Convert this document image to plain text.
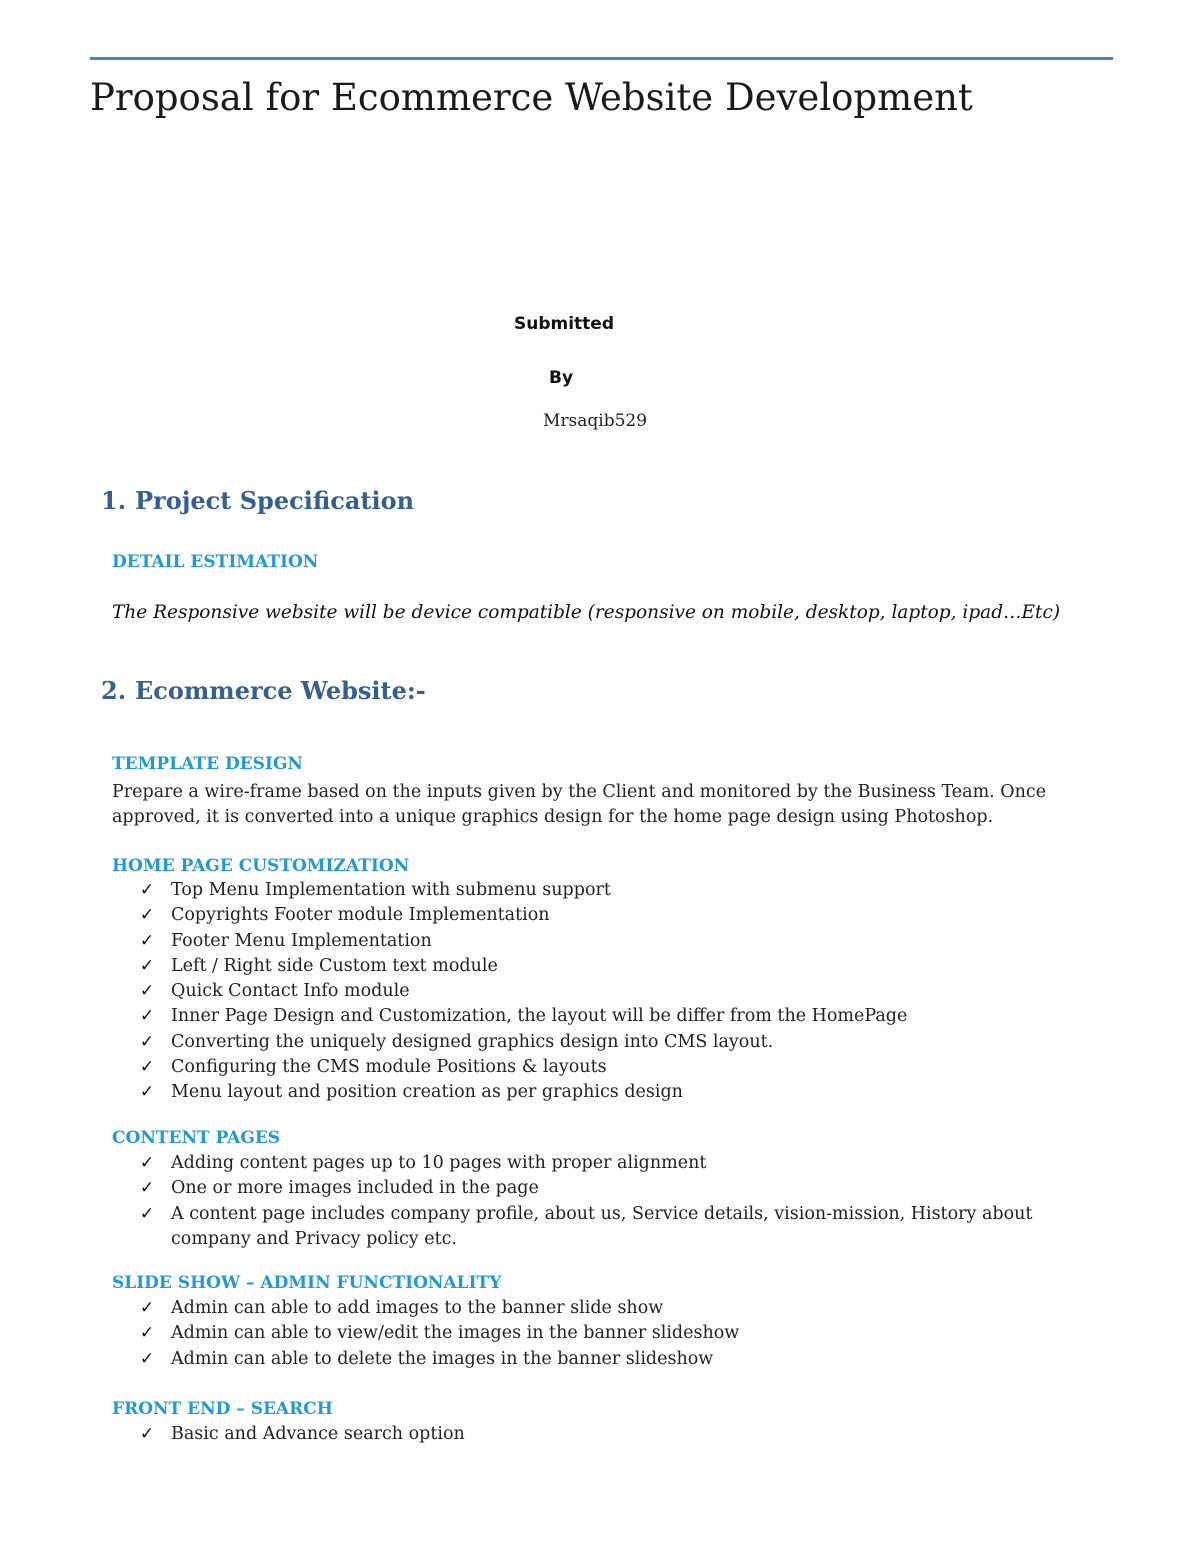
Proposal for Ecommerce Website Development
Submitted
By
Mrsaqib529
1. Project Specification
DETAIL ESTIMATION
The Responsive website will be device compatible (responsive on mobile, desktop, laptop, ipad…Etc)
2. Ecommerce Website:-
TEMPLATE DESIGN
Prepare a wire-frame based on the inputs given by the Client and monitored by the Business Team. Once
approved, it is converted into a unique graphics design for the home page design using Photoshop.
HOME PAGE CUSTOMIZATION
✓ Top Menu Implementation with submenu support
✓ Copyrights Footer module Implementation
✓ Footer Menu Implementation
✓ Left / Right side Custom text module
✓ Quick Contact Info module
✓ Inner Page Design and Customization, the layout will be differ from the HomePage
✓ Converting the uniquely designed graphics design into CMS layout.
✓ Configuring the CMS module Positions & layouts
✓ Menu layout and position creation as per graphics design
CONTENT PAGES
✓ Adding content pages up to 10 pages with proper alignment
✓ One or more images included in the page
✓ A content page includes company profile, about us, Service details, vision-mission, History about company and Privacy policy etc.
SLIDE SHOW – ADMIN FUNCTIONALITY
✓ Admin can able to add images to the banner slide show
✓ Admin can able to view/edit the images in the banner slideshow
✓ Admin can able to delete the images in the banner slideshow
FRONT END – SEARCH
✓ Basic and Advance search option
